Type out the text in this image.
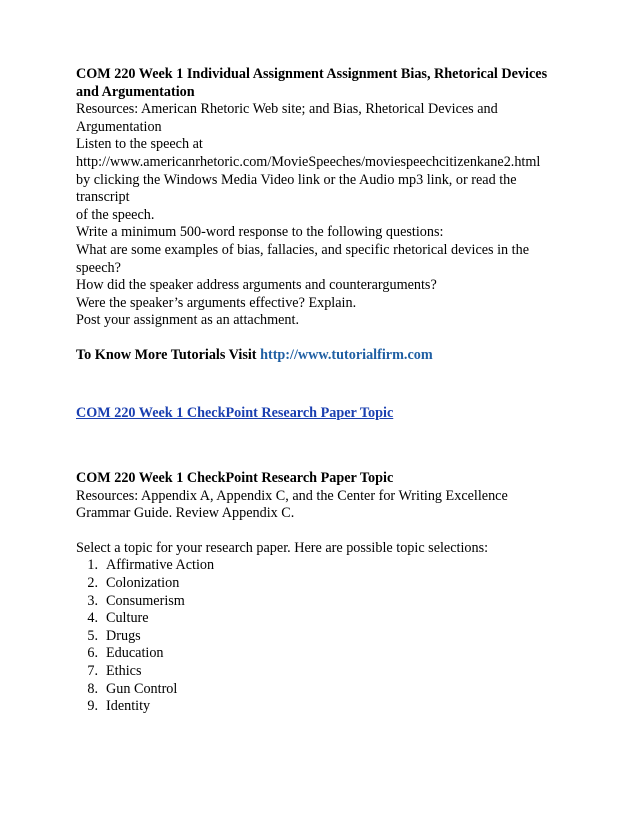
COM 220 Week 1 Individual Assignment Assignment Bias, Rhetorical Devices
and Argumentation
Resources: American Rhetoric Web site; and Bias, Rhetorical Devices and
Argumentation
Listen to the speech at
http://www.americanrhetoric.com/MovieSpeeches/moviespeechcitizenkane2.html
by clicking the Windows Media Video link or the Audio mp3 link, or read the
transcript
of the speech.
Write a minimum 500-word response to the following questions:
What are some examples of bias, fallacies, and specific rhetorical devices in the
speech?
How did the speaker address arguments and counterarguments?
Were the speaker’s arguments effective? Explain.
Post your assignment as an attachment.
To Know More Tutorials Visit http://www.tutorialfirm.com
COM 220 Week 1 CheckPoint Research Paper Topic
COM 220 Week 1 CheckPoint Research Paper Topic
Resources: Appendix A, Appendix C, and the Center for Writing Excellence
Grammar Guide. Review Appendix C.
Select a topic for your research paper. Here are possible topic selections:
1. Affirmative Action
2. Colonization
3. Consumerism
4. Culture
5. Drugs
6. Education
7. Ethics
8. Gun Control
9. Identity
